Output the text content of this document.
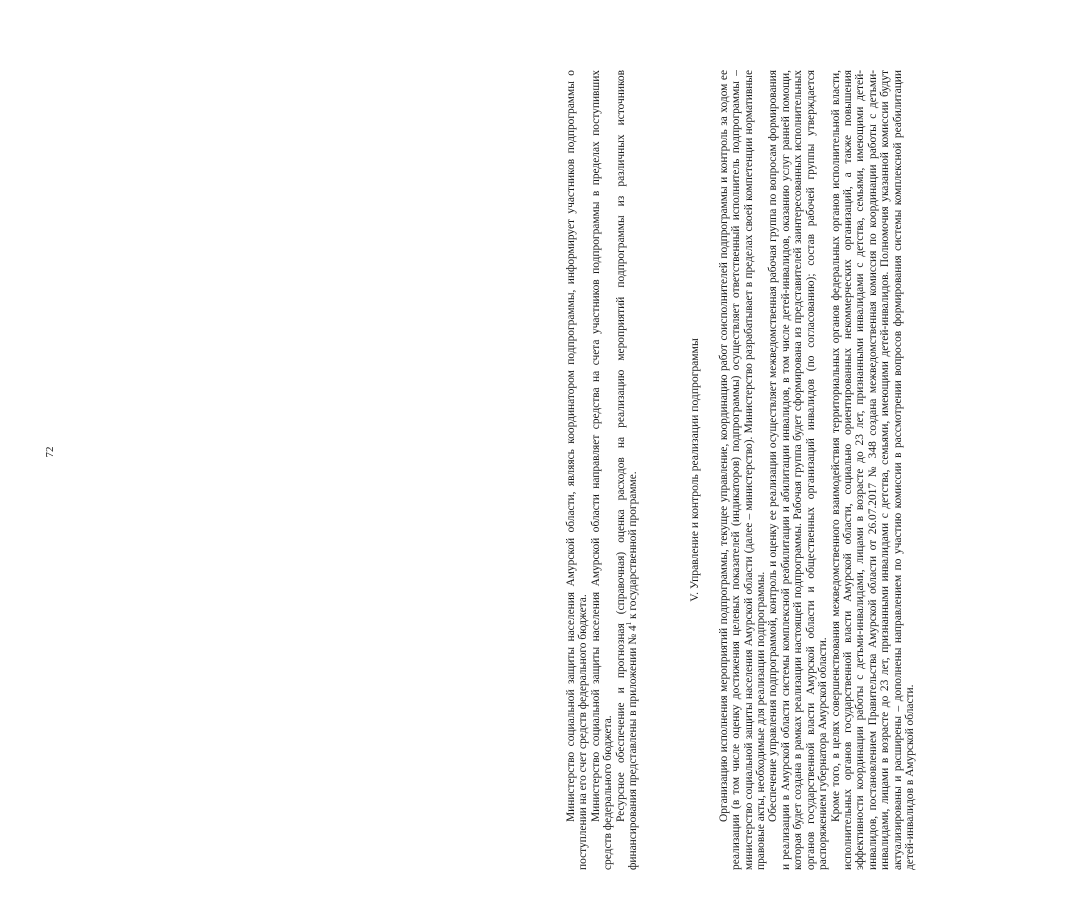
72	Министерство социальной защиты населения Амурской области, являясь координатором подпрограммы, информирует участников подпрограммы о поступлении на его счет средств федерального бюджета. Министерство социальной защиты населения Амурской области направляет средства на счета участников подпрограммы в пределах поступивших средств федерального бюджета. Ресурсное обеспечение и прогнозная (справочная) оценка расходов на реализацию мероприятий подпрограммы из различных источников финансирования представлены в приложении № $4^1$ к государственной программе.	V. Управление и контроль реализации подпрограммы Организацию исполнения мероприятий подпрограммы, текущее управление, координацию работ соисполнителей подпрограммы и контроль за ходом ее реализации (в том числе оценку достижения целевых показателей (индикаторов) подпрограммы) осуществляет ответственный исполнитель подпрограммы – министерство социальной защиты населения Амурской области (далее – министерство). Министерство разрабатывает в пределах своей компетенции нормативные правовые акты, необходимые для реализации подпрограммы. Обеспечение управления подпрограммой, контроль и оценку ее реализации осуществляет межведомственная рабочая группа по вопросам формирования и реализации в Амурской области системы комплексной реабилитации и абилитации инвалидов, в том числе детей-инвалидов, оказанию услуг ранней помощи, которая будет создана в рамках реализации настоящей подпрограммы. Рабочая группа будет сформирована из представителей заинтересованных исполнительных органов государственной власти Амурской области и общественных организаций инвалидов (по согласованию); состав рабочей группы утверждается распоряжением губернатора Амурской области. Кроме того, в целях совершенствования межведомственного взаимодействия территориальных органов федеральных органов исполнительной власти, исполнительных органов государственной власти Амурской области, социально ориентированных некоммерческих организаций, а также повышения эффективности координации работы с детьми-инвалидами, лицами в возрасте до 23 лет, признанными инвалидами с детства, семьями, имеющими детей-инвалидов, постановлением Правительства Амурской области от 26.07.2017 № 348 создана межведомственная комиссия по координации работы с детьми-инвалидами, лицами в возрасте до 23 лет, признанными инвалидами с детства, семьями, имеющими детей-инвалидов. Полномочия указанной комиссии будут актуализированы и расширены – дополнены направлением по участию комиссии в рассмотрении вопросов формирования системы комплексной реабилитации детей-инвалидов в Амурской области.
